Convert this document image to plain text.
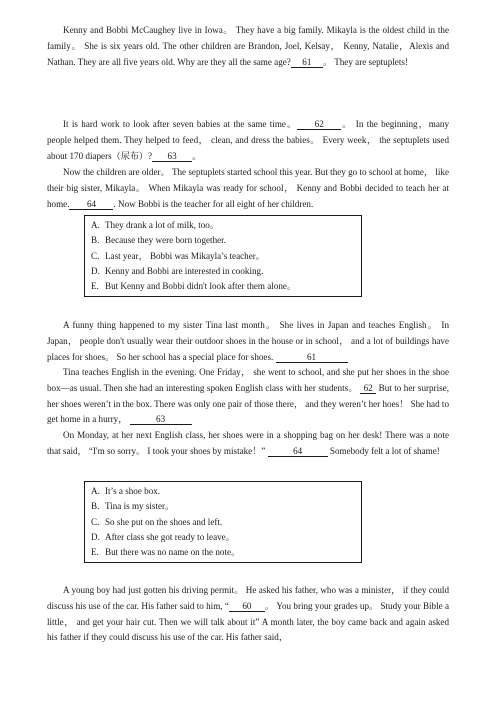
Kenny and Bobbi McCaughey live in Iowa。 They have a big family. Mikayla is the oldest child in the family。 She is six years old. The other children are Brandon, Joel, Kelsay， Kenny, Natalie，Alexis and Nathan. They are all five years old. Why are they all the same age? 61 。 They are septuplets!
It is hard work to look after seven babies at the same time。 62 。 In the beginning，many people helped them. They helped to feed， clean, and dress the babies。 Every week， the septuplets used about 170 diapers（尿布）? 63 。
Now the children are older。 The septuplets started school this year. But they go to school at home， like their big sister, Mikayla。 When Mikayla was ready for school， Kenny and Bobbi decided to teach her at home. 64 . Now Bobbi is the teacher for all eight of her children.
A. They drank a lot of milk, too。
B. Because they were born together.
C. Last year， Bobbi was Mikayla’s teacher。
D. Kenny and Bobbi are interested in cooking.
E. But Kenny and Bobbi didn't look after them alone。
A funny thing happened to my sister Tina last month。 She lives in Japan and teaches English。 In Japan， people don't usually wear their outdoor shoes in the house or in school， and a lot of buildings have places for shoes。 So her school has a special place for shoes.	61
Tina teaches English in the evening. One Friday， she went to school, and she put her shoes in the shoe box—as usual. Then she had an interesting spoken English class with her students。 62 But to her surprise, her shoes weren’t in the box. There was only one pair of those there， and they weren’t her hoes！ She had to get home in a hurry，	63
On Monday, at her next English class, her shoes were in a shopping bag on her desk! There was a note that said， “I'm so sorry。 I took your shoes by mistake！”	64	Somebody felt a lot of shame!
A. It’s a shoe box.
B. Tina is my sister。
C. So she put on the shoes and left.
D. After class she got ready to leave。
E. But there was no name on the note。
A young boy had just gotten his driving permit。 He asked his father, who was a minister， if they could discuss his use of the car. His father said to him, “ 60 。 You bring your grades up。 Study your Bible a little， and get your hair cut. Then we will talk about it” A month later, the boy came back and again asked his father if they could discuss his use of the car. His father said，
